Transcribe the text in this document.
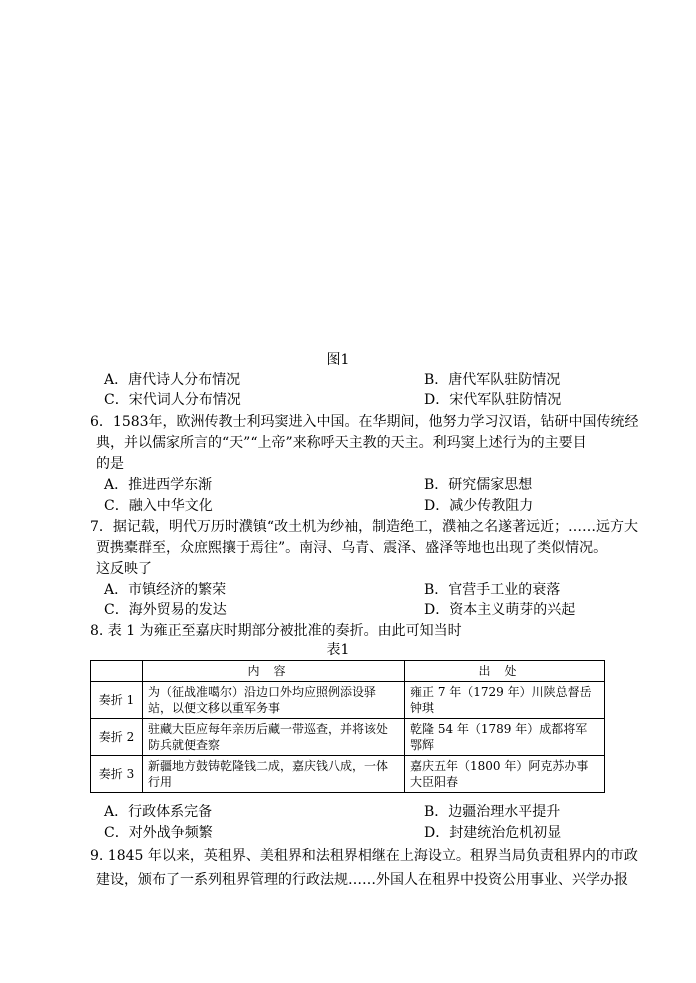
图1
A．唐代诗人分布情况	B．唐代军队驻防情况
C．宋代词人分布情况	D．宋代军队驻防情况
6．1583年，欧洲传教士利玛窦进入中国。在华期间，他努力学习汉语，钻研中国传统经
典，并以儒家所言的“天”“上帝”来称呼天主教的天主。利玛窦上述行为的主要目
的是
A．推进西学东渐	B．研究儒家思想
C．融入中华文化	D．减少传教阻力
7．据记载，明代万历时濮镇“改土机为纱袖，制造绝工，濮袖之名遂著远近；……远方大
贾携橐群至，众庶熙攘于焉往”。南浔、乌青、震泽、盛泽等地也出现了类似情况。
这反映了
A．市镇经济的繁荣	B．官营手工业的衰落
C．海外贸易的发达	D．资本主义萌芽的兴起
8. 表 1 为雍正至嘉庆时期部分被批准的奏折。由此可知当时
表1
	内容	出处
奏折 1	为（征战准噶尔）沿边口外均应照例添设驿站，以便文移以重军务事	雍正 7 年（1729 年）川陕总督岳钟琪
奏折 2	驻藏大臣应每年亲历后藏一带巡查，并将该处防兵就便查察	乾隆 54 年（1789 年）成都将军鄂辉
奏折 3	新疆地方鼓铸乾隆钱二成，嘉庆钱八成，一体行用	嘉庆五年（1800 年）阿克苏办事大臣阳春
A．行政体系完备	B．边疆治理水平提升
C．对外战争频繁	D．封建统治危机初显
9. 1845 年以来，英租界、美租界和法租界相继在上海设立。租界当局负责租界内的市政
建设，颁布了一系列租界管理的行政法规……外国人在租界中投资公用事业、兴学办报
